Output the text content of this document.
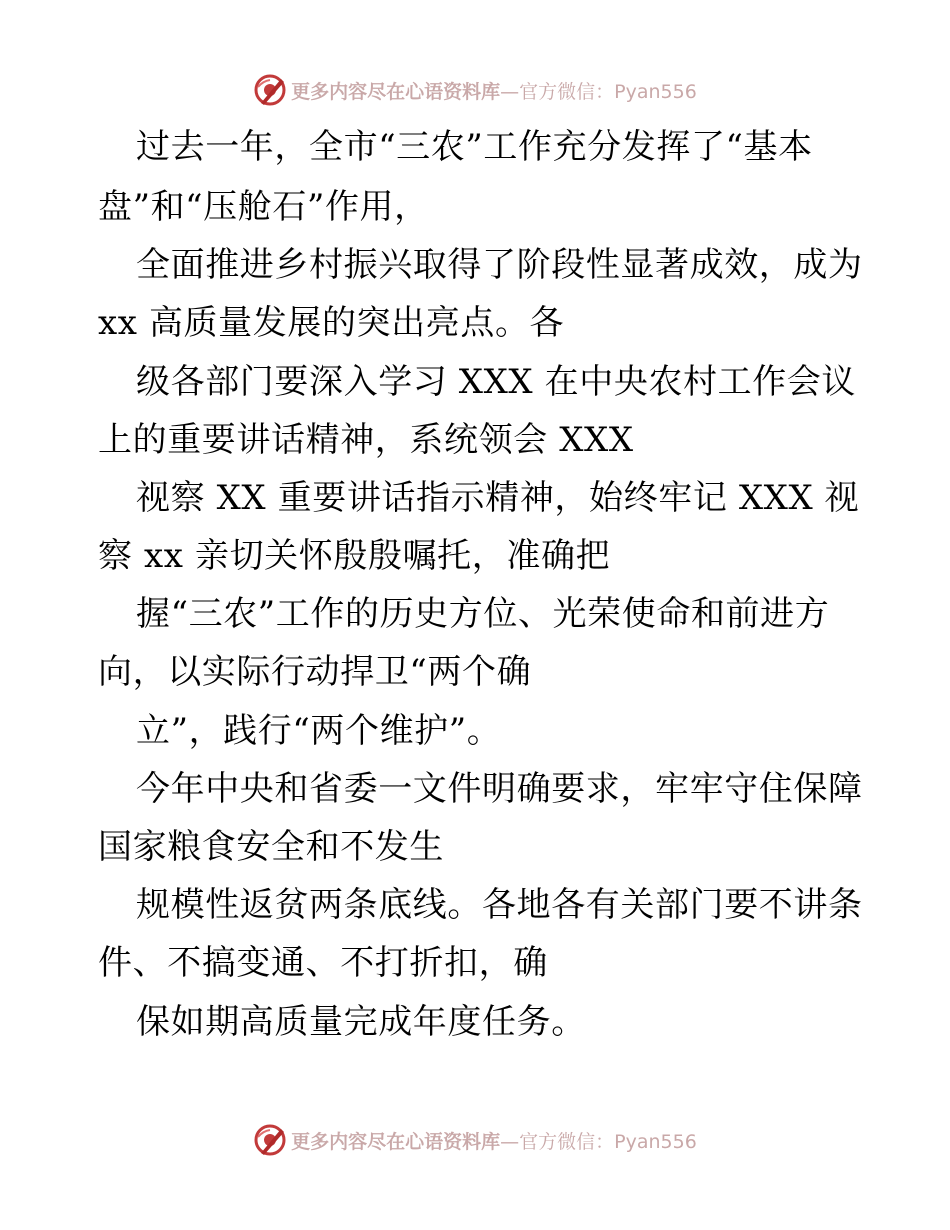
更多内容尽在心语资料库 —官方微信：Pyan556
过去一年，全市“三农”工作充分发挥了“基本
盘”和“压舱石”作用，
全面推进乡村振兴取得了阶段性显著成效，成为
xx 高质量发展的突出亮点。各
级各部门要深入学习 XXX 在中央农村工作会议
上的重要讲话精神，系统领会 XXX
视察 XX 重要讲话指示精神，始终牢记 XXX 视
察 xx 亲切关怀殷殷嘱托，准确把
握“三农”工作的历史方位、光荣使命和前进方
向，以实际行动捍卫“两个确
立”，践行“两个维护”。
今年中央和省委一文件明确要求，牢牢守住保障
国家粮食安全和不发生
规模性返贫两条底线。各地各有关部门要不讲条
件、不搞变通、不打折扣，确
保如期高质量完成年度任务。
更多内容尽在心语资料库 —官方微信：Pyan556
